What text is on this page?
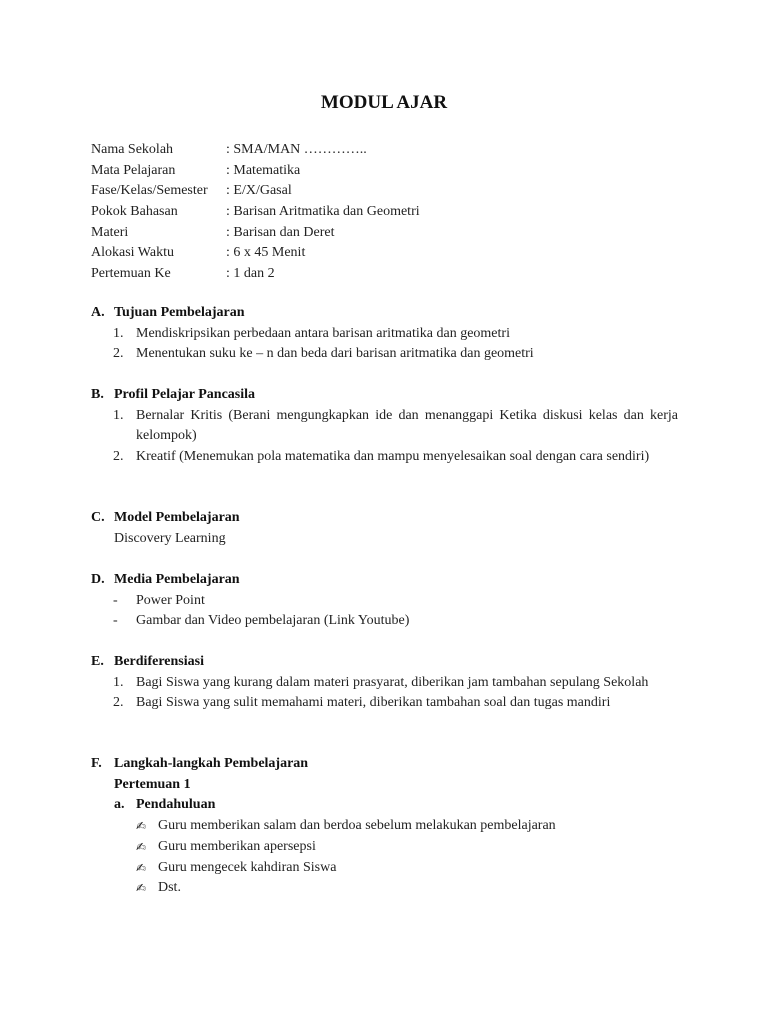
MODUL AJAR
Nama Sekolah	: SMA/MAN …………..
Mata Pelajaran	: Matematika
Fase/Kelas/Semester : E/X/Gasal
Pokok Bahasan	: Barisan Aritmatika dan Geometri
Materi	: Barisan dan Deret
Alokasi Waktu	: 6 x 45 Menit
Pertemuan Ke	: 1 dan 2
A. Tujuan Pembelajaran
1. Mendiskripsikan perbedaan antara barisan aritmatika dan geometri
2. Menentukan suku ke – n dan beda dari barisan aritmatika dan geometri
B. Profil Pelajar Pancasila
1. Bernalar Kritis (Berani mengungkapkan ide dan menanggapi Ketika diskusi kelas dan kerja kelompok)
2. Kreatif (Menemukan pola matematika dan mampu menyelesaikan soal dengan cara sendiri)
C. Model Pembelajaran
Discovery Learning
D. Media Pembelajaran
- Power Point
- Gambar dan Video pembelajaran (Link Youtube)
E. Berdiferensiasi
1. Bagi Siswa yang kurang dalam materi prasyarat, diberikan jam tambahan sepulang Sekolah
2. Bagi Siswa yang sulit memahami materi, diberikan tambahan soal dan tugas mandiri
F. Langkah-langkah Pembelajaran
Pertemuan 1
a. Pendahuluan
✍ Guru memberikan salam dan berdoa sebelum melakukan pembelajaran
✍ Guru memberikan apersepsi
✍ Guru mengecek kahdiran Siswa
✍ Dst.
